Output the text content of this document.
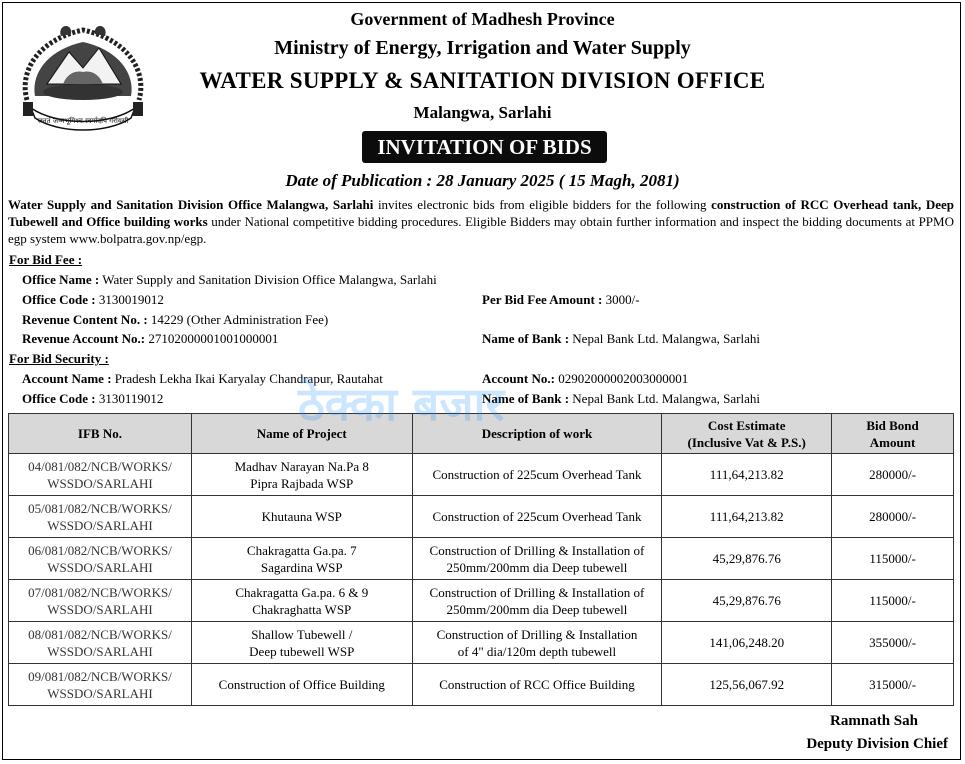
जनतं जन्मभूमिश्च स्वर्गादपि गरीयसी
Government of Madhesh Province
Ministry of Energy, Irrigation and Water Supply
WATER SUPPLY & SANITATION DIVISION OFFICE
Malangwa, Sarlahi
INVITATION OF BIDS
Date of Publication : 28 January 2025 ( 15 Magh, 2081)
Water Supply and Sanitation Division Office Malangwa, Sarlahi invites electronic bids from eligible bidders for the following construction of RCC Overhead tank, Deep Tubewell and Office building works under National competitive bidding procedures. Eligible Bidders may obtain further information and inspect the bidding documents at PPMO egp system www.bolpatra.gov.np/egp.
For Bid Fee :
Office Name : Water Supply and Sanitation Division Office Malangwa, Sarlahi
Office Code : 3130019012	Per Bid Fee Amount : 3000/-
Revenue Content No. : 14229 (Other Administration Fee)
Revenue Account No.: 27102000001001000001	Name of Bank : Nepal Bank Ltd. Malangwa, Sarlahi
For Bid Security :
Account Name : Pradesh Lekha Ikai Karyalay Chandrapur, Rautahat	Account No.: 02902000002003000001
Office Code : 3130119012	Name of Bank : Nepal Bank Ltd. Malangwa, Sarlahi
IFB No.	Name of Project	Description of work	Cost Estimate
(Inclusive Vat & P.S.)	Bid Bond
Amount
04/081/082/NCB/WORKS/
WSSDO/SARLAHI	Madhav Narayan Na.Pa 8
Pipra Rajbada WSP	Construction of 225cum Overhead Tank	111,64,213.82	280000/-
05/081/082/NCB/WORKS/
WSSDO/SARLAHI	Khutauna WSP	Construction of 225cum Overhead Tank	111,64,213.82	280000/-
06/081/082/NCB/WORKS/
WSSDO/SARLAHI	Chakragatta Ga.pa. 7
Sagardina WSP	Construction of Drilling & Installation of
250mm/200mm dia Deep tubewell	45,29,876.76	115000/-
07/081/082/NCB/WORKS/
WSSDO/SARLAHI	Chakragatta Ga.pa. 6 & 9
Chakraghatta WSP	Construction of Drilling & Installation of
250mm/200mm dia Deep tubewell	45,29,876.76	115000/-
08/081/082/NCB/WORKS/
WSSDO/SARLAHI	Shallow Tubewell /
Deep tubewell WSP	Construction of Drilling & Installation
of 4" dia/120m depth tubewell	141,06,248.20	355000/-
09/081/082/NCB/WORKS/
WSSDO/SARLAHI	Construction of Office Building	Construction of RCC Office Building	125,56,067.92	315000/-
ठेक्का बजार
Ramnath Sah
Deputy Division Chief
